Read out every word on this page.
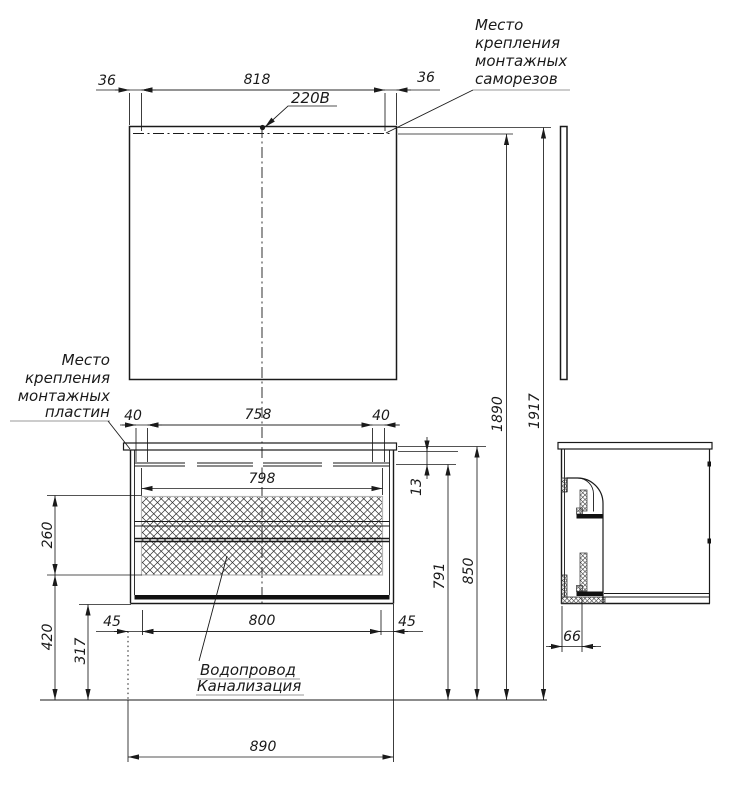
220В
36	818	36
Место
крепления
монтажных
саморезов
1917
1890
850
791
13
Место
крепления
монтажных
пластин 40	758	40
798
260
420
317
45	800	45
Водопровод
Канализация
890
66
